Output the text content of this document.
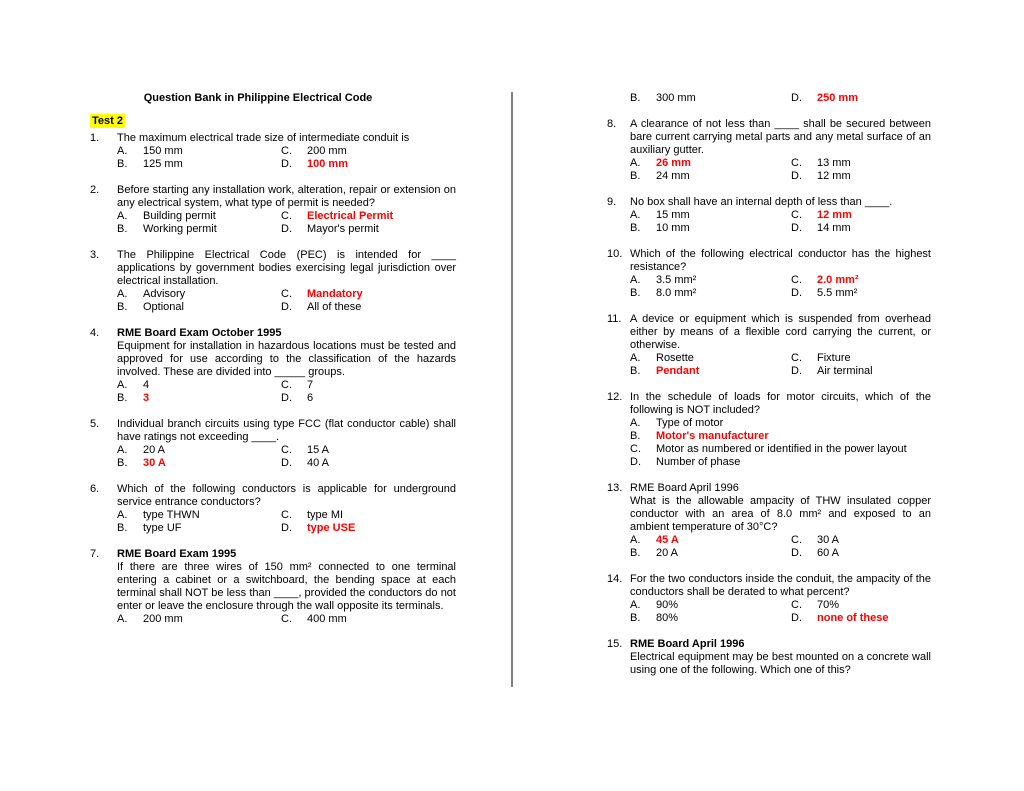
Question Bank in Philippine Electrical Code
Test 2
1.	The maximum electrical trade size of intermediate conduit is
A.	150 mm	C.	200 mm
B.	125 mm	D.	100 mm
2.	Before starting any installation work, alteration, repair or extension on any electrical system, what type of permit is needed?
A.	Building permit	C.	Electrical Permit
B.	Working permit	D.	Mayor's permit
3.	The Philippine Electrical Code (PEC) is intended for ____ applications by government bodies exercising legal jurisdiction over electrical installation.
A.	Advisory	C.	Mandatory
B.	Optional	D.	All of these
4.	RME Board Exam October 1995
Equipment for installation in hazardous locations must be tested and approved for use according to the classification of the hazards involved. These are divided into _____ groups.
A.	4	C.	7
B.	3	D.	6
5.	Individual branch circuits using type FCC (flat conductor cable) shall have ratings not exceeding ____.
A.	20 A	C.	15 A
B.	30 A	D.	40 A
6.	Which of the following conductors is applicable for underground service entrance conductors?
A.	type THWN	C.	type MI
B.	type UF	D.	type USE
7.	RME Board Exam 1995
If there are three wires of 150 mm² connected to one terminal entering a cabinet or a switchboard, the bending space at each terminal shall NOT be less than ____, provided the conductors do not enter or leave the enclosure through the wall opposite its terminals.
A.	200 mm	C.	400 mm
B.	300 mm	D.	250 mm
8.	A clearance of not less than ____ shall be secured between bare current carrying metal parts and any metal surface of an auxiliary gutter.
A.	26 mm	C.	13 mm
B.	24 mm	D.	12 mm
9.	No box shall have an internal depth of less than ____.
A.	15 mm	C.	12 mm
B.	10 mm	D.	14 mm
10. Which of the following electrical conductor has the highest resistance?
A.	3.5 mm²	C.	2.0 mm²
B.	8.0 mm²	D.	5.5 mm²
11. A device or equipment which is suspended from overhead either by means of a flexible cord carrying the current, or otherwise.
A.	Rosette	C.	Fixture
B.	Pendant	D.	Air terminal
12. In the schedule of loads for motor circuits, which of the following is NOT included?
A.	Type of motor
B.	Motor's manufacturer
C.	Motor as numbered or identified in the power layout
D.	Number of phase
13. RME Board April 1996
What is the allowable ampacity of THW insulated copper conductor with an area of 8.0 mm² and exposed to an ambient temperature of 30°C?
A.	45 A	C.	30 A
B.	20 A	D.	60 A
14. For the two conductors inside the conduit, the ampacity of the conductors shall be derated to what percent?
A.	90%	C.	70%
B.	80%	D.	none of these
15. RME Board April 1996
Electrical equipment may be best mounted on a concrete wall using one of the following. Which one of this?
